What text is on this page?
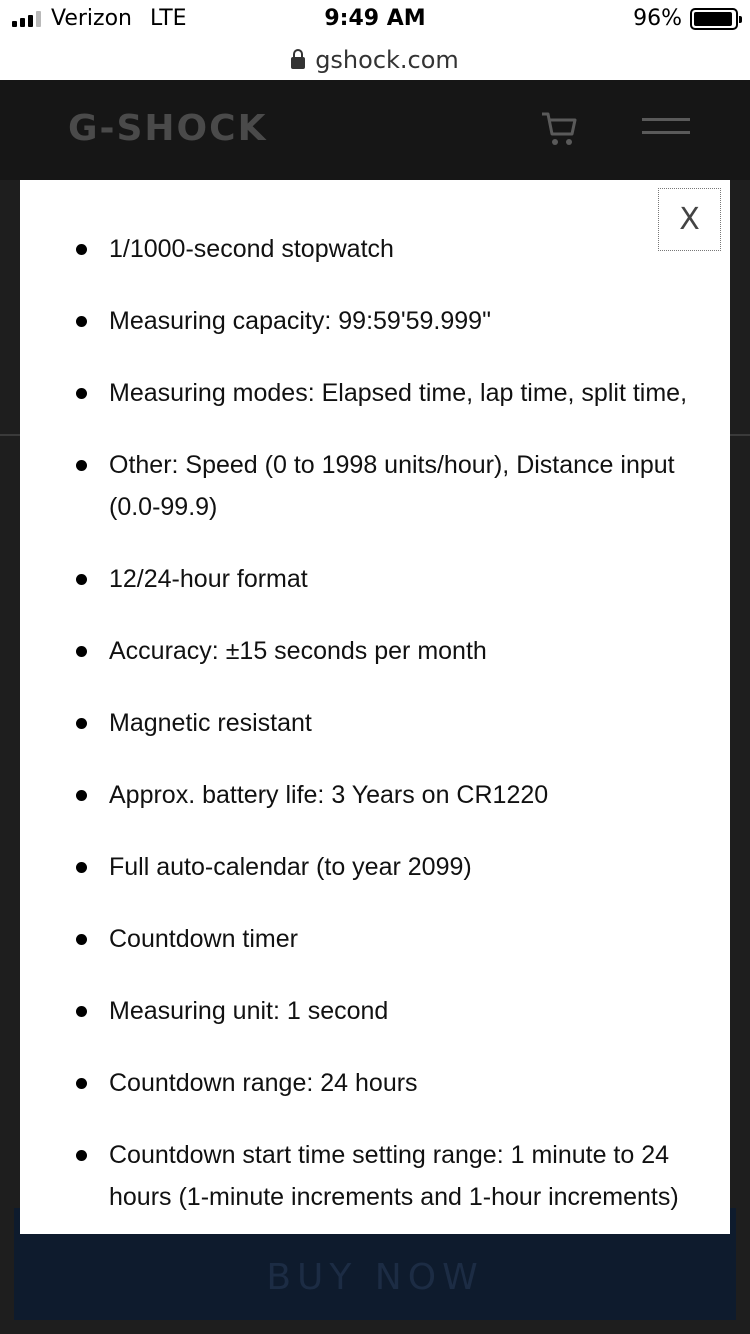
Verizon LTE	9:49 AM	96%
gshock.com
G-SHOCK
BUY NOW
X
1/1000-second stopwatch
Measuring capacity: 99:59'59.999"
Measuring modes: Elapsed time, lap time, split time,
Other: Speed (0 to 1998 units/hour), Distance input (0.0-99.9)
12/24-hour format
Accuracy: ±15 seconds per month
Magnetic resistant
Approx. battery life: 3 Years on CR1220
Full auto-calendar (to year 2099)
Countdown timer
Measuring unit: 1 second
Countdown range: 24 hours
Countdown start time setting range: 1 minute to 24 hours (1-minute increments and 1-hour increments)
